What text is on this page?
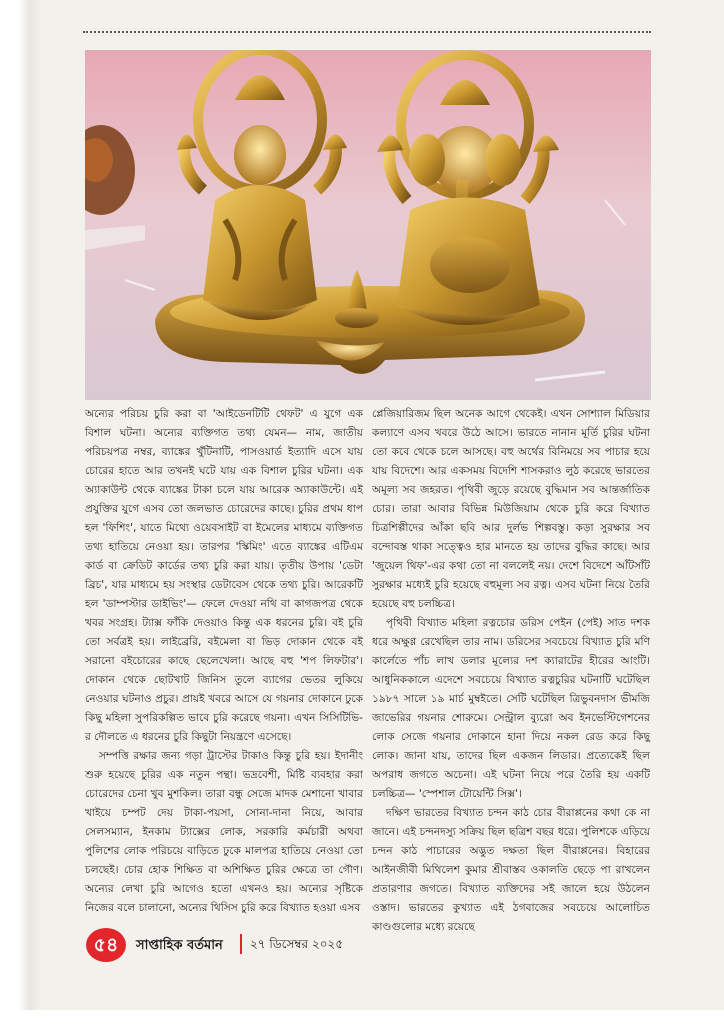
অন্যের পরিচয় চুরি করা বা 'আইডেনটিটি থেফট' এ যুগে এক বিশাল ঘটনা। অন্যের ব্যক্তিগত তথ্য যেমন— নাম, জাতীয় পরিচয়পত্র নম্বর, ব্যাঙ্কের খুঁটিনাটি, পাসওয়ার্ড ইত্যাদি এসে যায় চোরের হাতে আর তখনই ঘটে যায় এক বিশাল চুরির ঘটনা। এক অ্যাকাউন্ট থেকে ব্যাঙ্কের টাকা চলে যায় আরেক অ্যাকাউন্টে। এই প্রযুক্তির যুগে এসব তো জলভাত চোরেদের কাছে। চুরির প্রথম ধাপ হল 'ফিশিং', যাতে মিথ্যে ওয়েবসাইট বা ইমেলের মাধ্যমে ব্যক্তিগত তথ্য হাতিয়ে নেওয়া হয়। তারপর 'স্কিমিং' এতে ব্যাঙ্কের এটিএম কার্ড বা ক্রেডিট কার্ডের তথ্য চুরি করা যায়। তৃতীয় উপায় 'ডেটা ব্রিচ', যার মাধ্যমে হয় সংস্থার ডেটাবেস থেকে তথ্য চুরি। আরেকটি হল 'ডাম্পস্টার ডাইভিং'— ফেলে দেওয়া নথি বা কাগজপত্র থেকে খবর সংগ্রহ। ট্যাক্স ফাঁকি দেওয়াও কিন্তু এক ধরনের চুরি। বই চুরি তো সর্বত্রই হয়। লাইব্রেরি, বইমেলা বা ভিড় দোকান থেকে বই সরানো বইচোরের কাছে ছেলেখেলা। আছে বহু 'শপ লিফটার'। দোকান থেকে ছোটখাট জিনিস তুলে ব্যাগের ভেতর লুকিয়ে নেওয়ার ঘটনাও প্রচুর। প্রায়ই খবরে আসে যে গয়নার দোকানে ঢুকে কিছু মহিলা সুপরিকল্পিত ভাবে চুরি করেছে গয়না। এখন সিসিটিভি-র দৌলতে এ ধরনের চুরি কিছুটা নিয়ন্ত্রণে এসেছে।

সম্পত্তি রক্ষার জন্য গড়া ট্রাস্টের টাকাও কিন্তু চুরি হয়। ইদানীং শুরু হয়েছে চুরির এক নতুন পন্থা। ভদ্রবেশী, মিষ্টি ব্যবহার করা চোরেদের চেনা খুব মুশকিল। তারা বন্ধু সেজে মাদক মেশানো খাবার খাইয়ে চম্পট দেয় টাকা-পয়সা, সোনা-দানা নিয়ে, আবার সেলসম্যান, ইনকাম ট্যাক্সের লোক, সরকারি কর্মচারী অথবা পুলিশের লোক পরিচয়ে বাড়িতে ঢুকে মালপত্র হাতিয়ে নেওয়া তো চলছেই। চোর হোক শিক্ষিত বা অশিক্ষিত চুরির ক্ষেত্রে তা গৌণ। অন্যের লেখা চুরি আগেও হতো এখনও হয়। অন্যের সৃষ্টিকে নিজের বলে চালানো, অন্যের থিসিস চুরি করে বিখ্যাত হওয়া এসব

প্লেজিয়ারিজম ছিল অনেক আগে থেকেই। এখন সোশ্যাল মিডিয়ার কল্যাণে এসব খবরে উঠে আসে। ভারতে নানান মূর্তি চুরির ঘটনা তো কবে থেকে চলে আসছে। বহু অর্থের বিনিময়ে সব পাচার হয়ে যায় বিদেশে। আর একসময় বিদেশি শাসকরাও লুঠ করেছে ভারতের অমূল্য সব জহরত। পৃথিবী জুড়ে রয়েছে বুদ্ধিমান সব আন্তর্জাতিক চোর। তারা আবার বিভিন্ন মিউজিয়াম থেকে চুরি করে বিখ্যাত চিত্রশিল্পীদের আঁকা ছবি আর দুর্লভ শিল্পবস্তু। কড়া সুরক্ষার সব বন্দোবস্ত থাকা সত্ত্বেও হার মানতে হয় তাদের বুদ্ধির কাছে। আর 'জুয়েল থিফ'-এর কথা তো না বললেই নয়। দেশে বিদেশে আঁটসাঁট সুরক্ষার মধ্যেই চুরি হয়েছে বহুমূল্য সব রত্ন। এসব ঘটনা নিয়ে তৈরি হয়েছে বহু চলচ্চিত্র।

পৃথিবী বিখ্যাত মহিলা রত্নচোর ডরিস পেইন (পেই) সাত দশক ধরে অক্ষুণ্ণ রেখেছিল তার নাম। ডরিসের সবচেয়ে বিখ্যাত চুরি মণি কার্লেতে পাঁচ লাখ ডলার মূল্যের দশ ক্যারাটের হীরের আংটি। আধুনিককালে এদেশে সবচেয়ে বিখ্যাত রত্নচুরির ঘটনাটি ঘটেছিল ১৯৮৭ সালে ১৯ মার্চ মুম্বইতে। সেটি ঘটেছিল ত্রিভুবনদাস ভীমজি জাভেরির গয়নার শোরুমে। সেন্ট্রাল ব্যুরো অব ইনভেস্টিগেশনের লোক সেজে গয়নার দোকানে হানা দিয়ে নকল রেড করে কিছু লোক। জানা যায়, তাদের ছিল একজন লিডার। প্রত্যেকেই ছিল অপরাধ জগতে অচেনা। এই ঘটনা নিয়ে পরে তৈরি হয় একটি চলচ্চিত্র— 'স্পেশাল টোয়েন্টি সিক্স'।

দক্ষিণ ভারতের বিখ্যাত চন্দন কাঠ চোর বীরাপ্পনের কথা কে না জানে। এই চন্দনদস্যু সক্রিয় ছিল ছত্রিশ বছর ধরে। পুলিশকে এড়িয়ে চন্দন কাঠ পাচারের অদ্ভুত দক্ষতা ছিল বীরাপ্পনের। বিহারের আইনজীবী মিথিলেশ কুমার শ্রীবাস্তব ওকালতি ছেড়ে পা রাখলেন প্রতারণার জগতে। বিখ্যাত ব্যক্তিদের সই জালে হয়ে উঠলেন ওস্তাদ। ভারতের কুখ্যাত এই ঠগবাজের সবচেয়ে আলোচিত কাণ্ডগুলোর মধ্যে রয়েছে

৫৪	সাপ্তাহিক বর্তমান ২৭ ডিসেম্বর ২০২৫
